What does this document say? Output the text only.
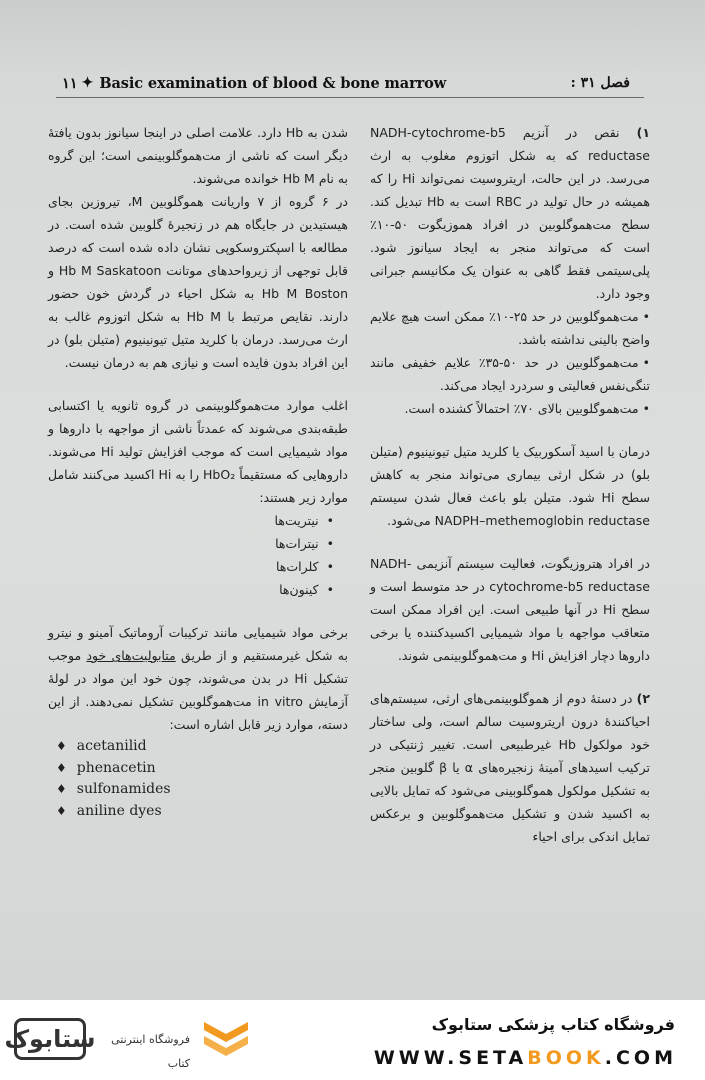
۱۱ ✦ Basic examination of blood & bone marrow	فصل ۳۱ :

۱) نقص در آنزیم NADH-cytochrome-b5 reductase که به شکل اتوزوم مغلوب به ارث می‌رسد. در این حالت، اریتروسیت نمی‌تواند Hi را که همیشه در حال تولید در RBC است به Hb تبدیل کند. سطح مت‌هموگلوبین در افراد هموزیگوت ۵۰-۱۰٪ است که می‌تواند منجر به ایجاد سیانوز شود. پلی‌سیتمی فقط گاهی به عنوان یک مکانیسم جبرانی وجود دارد.

• مت‌هموگلوبین در حد ۲۵-۱۰٪ ممکن است هیچ علایم واضح بالینی نداشته باشد.

• مت‌هموگلوبین در حد ۵۰-۳۵٪ علایم خفیفی مانند تنگی‌نفس فعالیتی و سردرد ایجاد می‌کند.

• مت‌هموگلوبین بالای ۷۰٪ احتمالاً کشنده است.

درمان با اسید آسکوربیک یا کلرید متیل تیونینیوم (متیلن بلو) در شکل ارثی بیماری می‌تواند منجر به کاهش سطح Hi شود. متیلن بلو باعث فعال شدن سیستم NADPH–methemoglobin reductase می‌شود.

در افراد هتروزیگوت، فعالیت سیستم آنزیمی NADH-cytochrome-b5 reductase در حد متوسط است و سطح Hi در آنها طبیعی است. این افراد ممکن است متعاقب مواجهه با مواد شیمیایی اکسیدکننده یا برخی داروها دچار افزایش Hi و مت‌هموگلوبینمی شوند.

۲) در دستهٔ دوم از هموگلوبینمی‌های ارثی، سیستم‌های احیاکنندهٔ درون اریتروسیت سالم است، ولی ساختار خود مولکول Hb غیرطبیعی است. تغییر ژنتیکی در ترکیب اسیدهای آمینهٔ زنجیره‌های α یا β گلوبین منجر به تشکیل مولکول هموگلوبینی می‌شود که تمایل بالایی به اکسید شدن و تشکیل مت‌هموگلوبین و برعکس تمایل اندکی برای احیاء

شدن به Hb دارد. علامت اصلی در اینجا سیانوز بدون یافتهٔ دیگر است که ناشی از مت‌هموگلوبینمی است؛ این گروه به نام Hb M خوانده می‌شوند.

در ۶ گروه از ۷ واریانت هموگلوبین M، تیروزین بجای هیستیدین در جایگاه هم در زنجیرهٔ گلوبین شده است. در مطالعه با اسپکتروسکوپی نشان داده شده است که درصد قابل توجهی از زیرواحدهای موتانت Hb M Saskatoon و Hb M Boston به شکل احیاء در گردش خون حضور دارند. نقایص مرتبط با Hb M به شکل اتوزوم غالب به ارث می‌رسد. درمان با کلرید متیل تیونینیوم (متیلن بلو) در این افراد بدون فایده است و نیازی هم به درمان نیست.

اغلب موارد مت‌هموگلوبینمی در گروه ثانویه یا اکتسابی طبقه‌بندی می‌شوند که عمدتاً ناشی از مواجهه با داروها و مواد شیمیایی است که موجب افزایش تولید Hi می‌شوند. داروهایی که مستقیماً HbO₂ را به Hi اکسید می‌کنند شامل موارد زیر هستند:

• نیتریت‌ها
• نیترات‌ها
• کلرات‌ها
• کینون‌ها

برخی مواد شیمیایی مانند ترکیبات آروماتیک آمینو و نیترو به شکل غیرمستقیم و از طریق متابولیت‌های خود موجب تشکیل Hi در بدن می‌شوند، چون خود این مواد در لولهٔ آزمایش in vitro مت‌هموگلوبین تشکیل نمی‌دهند. از این دسته، موارد زیر قابل اشاره است:

♦ acetanilid
♦ phenacetin
♦ sulfonamides
♦ aniline dyes
ستابوک	فروشگاه اینترنتی کتاب
فروشگاه کتاب پزشکی ستابوک
WWW.SETABOOK.COM
